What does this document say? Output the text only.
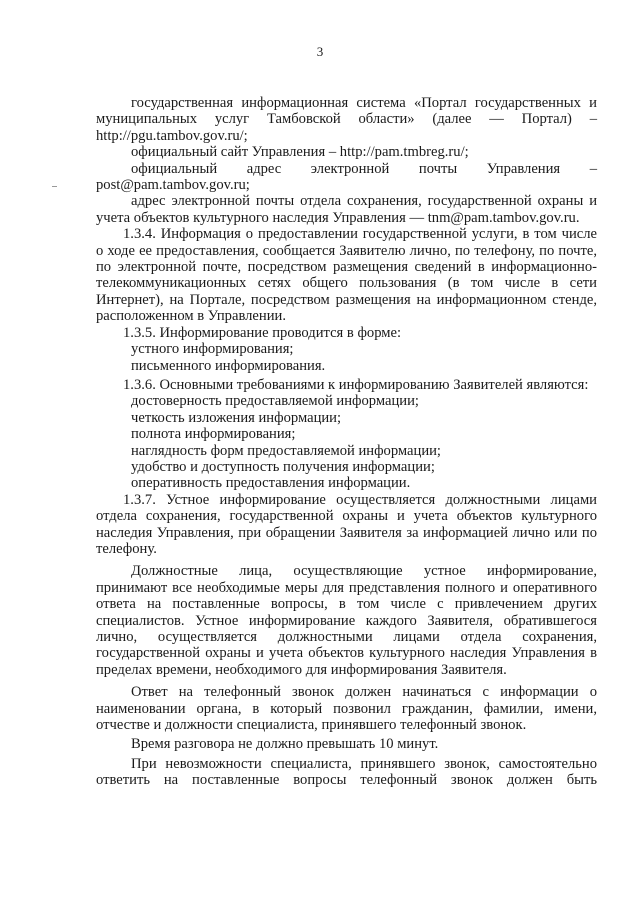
3

государственная информационная система «Портал государственных и муниципальных услуг Тамбовской области» (далее — Портал) – http://pgu.tambov.gov.ru/;

официальный сайт Управления – http://pam.tmbreg.ru/;

официальный адрес электронной почты Управления – post@pam.tambov.gov.ru;

адрес электронной почты отдела сохранения, государственной охраны и учета объектов культурного наследия Управления — tnm@pam.tambov.gov.ru.

1.3.4. Информация о предоставлении государственной услуги, в том числе о ходе ее предоставления, сообщается Заявителю лично, по телефону, по почте, по электронной почте, посредством размещения сведений в информационно-телекоммуникационных сетях общего пользования (в том числе в сети Интернет), на Портале, посредством размещения на информационном стенде, расположенном в Управлении.

1.3.5. Информирование проводится в форме:

устного информирования;

письменного информирования.

1.3.6. Основными требованиями к информированию Заявителей являются:

достоверность предоставляемой информации;

четкость изложения информации;

полнота информирования;

наглядность форм предоставляемой информации;

удобство и доступность получения информации;

оперативность предоставления информации.

1.3.7. Устное информирование осуществляется должностными лицами отдела сохранения, государственной охраны и учета объектов культурного наследия Управления, при обращении Заявителя за информацией лично или по телефону.

Должностные лица, осуществляющие устное информирование, принимают все необходимые меры для представления полного и оперативного ответа на поставленные вопросы, в том числе с привлечением других специалистов. Устное информирование каждого Заявителя, обратившегося лично, осуществляется должностными лицами отдела сохранения, государственной охраны и учета объектов культурного наследия Управления в пределах времени, необходимого для информирования Заявителя.

Ответ на телефонный звонок должен начинаться с информации о наименовании органа, в который позвонил гражданин, фамилии, имени, отчестве и должности специалиста, принявшего телефонный звонок.

Время разговора не должно превышать 10 минут.

При невозможности специалиста, принявшего звонок, самостоятельно ответить на поставленные вопросы телефонный звонок должен быть
